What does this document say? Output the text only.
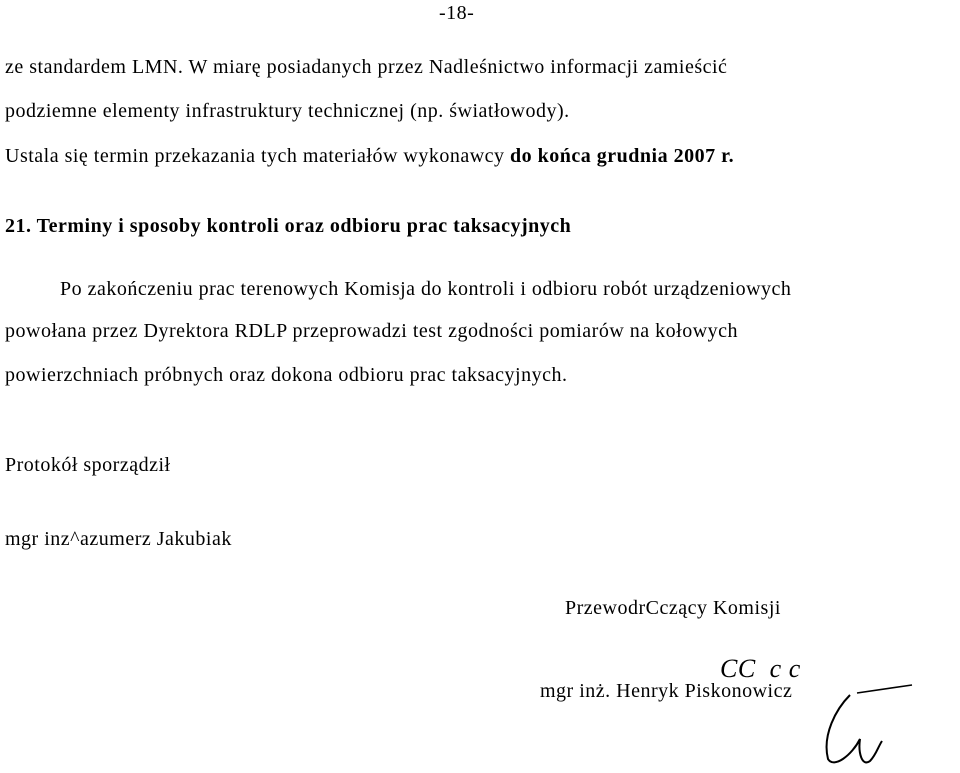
-18-
ze standardem LMN. W miarę posiadanych przez Nadleśnictwo informacji zamieścić
podziemne elementy infrastruktury technicznej (np. światłowody).
Ustala się termin przekazania tych materiałów wykonawcy do końca grudnia 2007 r.
21. Terminy i sposoby kontroli oraz odbioru prac taksacyjnych
Po zakończeniu prac terenowych Komisja do kontroli i odbioru robót urządzeniowych
powołana przez Dyrektora RDLP przeprowadzi test zgodności pomiarów na kołowych
powierzchniach próbnych oraz dokona odbioru prac taksacyjnych.
Protokół sporządził
mgr inz^azumerz Jakubiak
PrzewodrCczący Komisji
CC  c c
mgr inż. Henryk Piskonowicz
